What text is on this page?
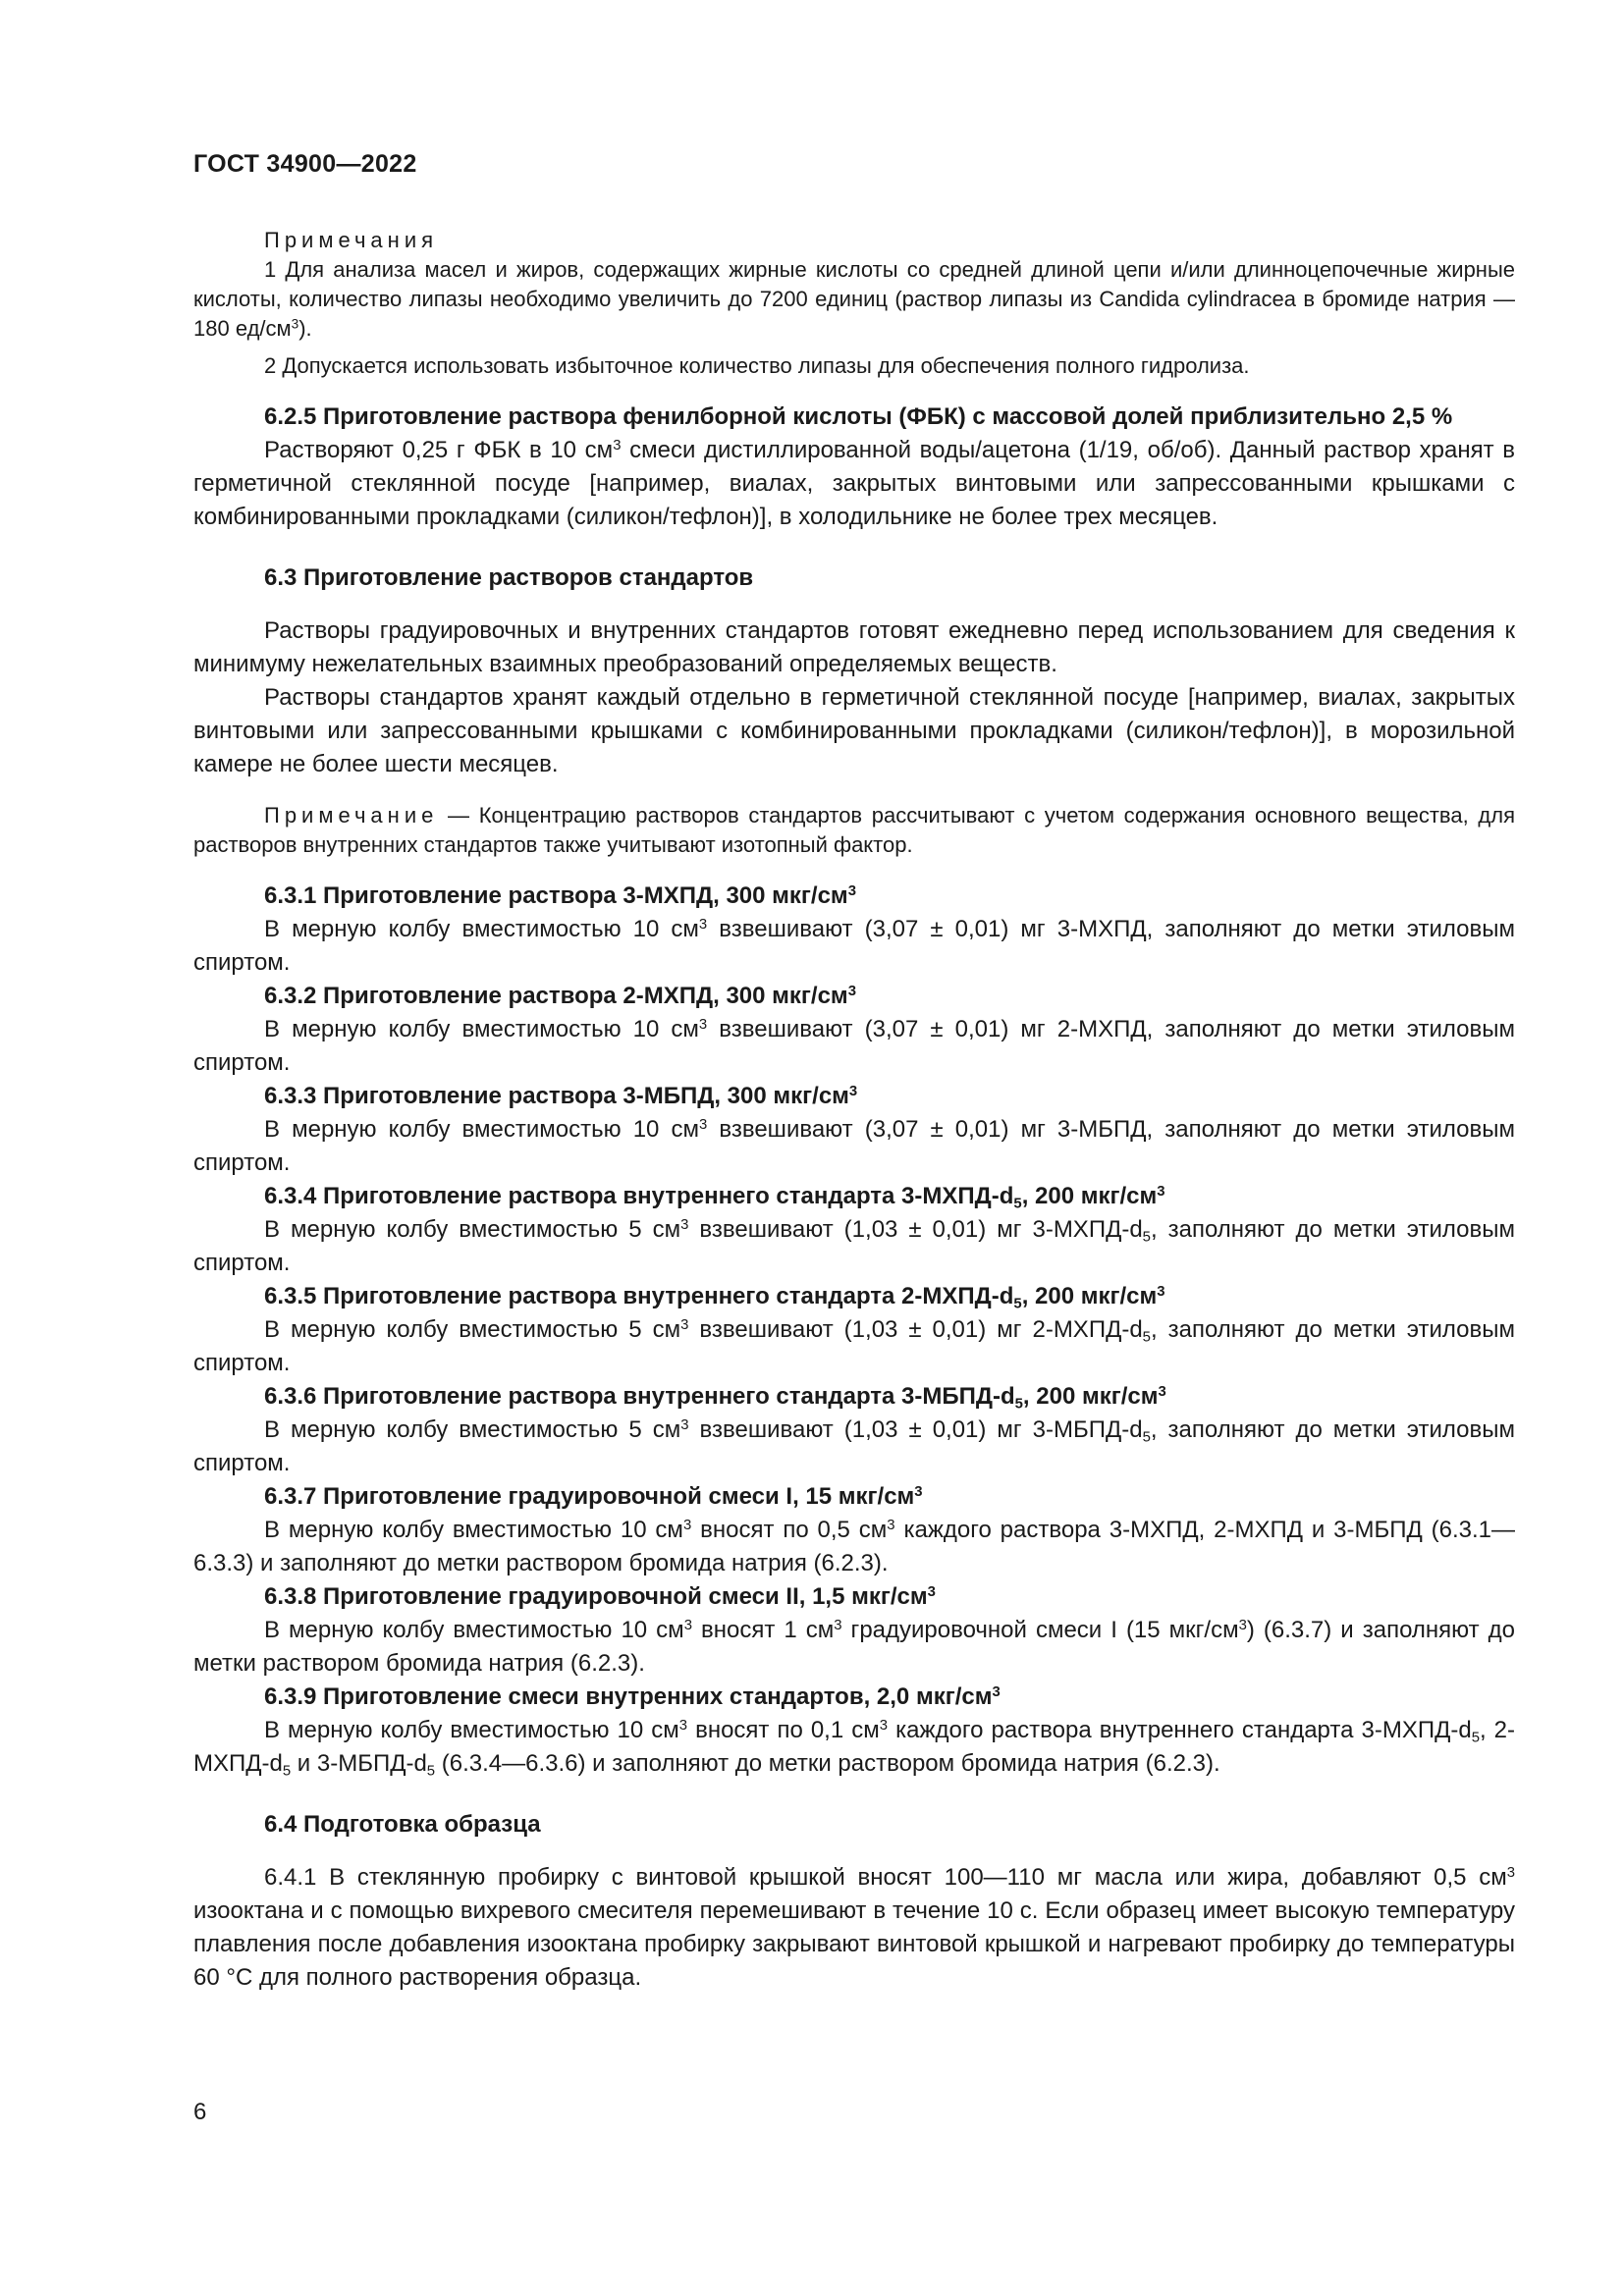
ГОСТ 34900—2022

Примечания

1 Для анализа масел и жиров, содержащих жирные кислоты со средней длиной цепи и/или длинноцепочечные жирные кислоты, количество липазы необходимо увеличить до 7200 единиц (раствор липазы из Candida cylindracea в бромиде натрия — 180 $ед/см^3$).

2 Допускается использовать избыточное количество липазы для обеспечения полного гидролиза.

6.2.5 Приготовление раствора фенилборной кислоты (ФБК) с массовой долей приблизительно 2,5 %

Растворяют 0,25 г ФБК в 10 $см^3$ смеси дистиллированной воды/ацетона (1/19, об/об). Данный раствор хранят в герметичной стеклянной посуде [например, виалах, закрытых винтовыми или запрессованными крышками с комбинированными прокладками (силикон/тефлон)], в холодильнике не более трех месяцев.

6.3 Приготовление растворов стандартов

Растворы градуировочных и внутренних стандартов готовят ежедневно перед использованием для сведения к минимуму нежелательных взаимных преобразований определяемых веществ.

Растворы стандартов хранят каждый отдельно в герметичной стеклянной посуде [например, виалах, закрытых винтовыми или запрессованными крышками с комбинированными прокладками (силикон/тефлон)], в морозильной камере не более шести месяцев.

Примечание — Концентрацию растворов стандартов рассчитывают с учетом содержания основного вещества, для растворов внутренних стандартов также учитывают изотопный фактор.

6.3.1 Приготовление раствора 3-МХПД, 300 мкг/$см^3$

В мерную колбу вместимостью 10 $см^3$ взвешивают (3,07 ± 0,01) мг 3-МХПД, заполняют до метки этиловым спиртом.

6.3.2 Приготовление раствора 2-МХПД, 300 мкг/$см^3$

В мерную колбу вместимостью 10 $см^3$ взвешивают (3,07 ± 0,01) мг 2-МХПД, заполняют до метки этиловым спиртом.

6.3.3 Приготовление раствора 3-МБПД, 300 мкг/$см^3$

В мерную колбу вместимостью 10 $см^3$ взвешивают (3,07 ± 0,01) мг 3-МБПД, заполняют до метки этиловым спиртом.

6.3.4 Приготовление раствора внутреннего стандарта $3-МХПД-d_5$, 200 мкг/$см^3$

В мерную колбу вместимостью 5 $см^3$ взвешивают (1,03 ± 0,01) мг $3-МХПД-d_5$, заполняют до метки этиловым спиртом.

6.3.5 Приготовление раствора внутреннего стандарта $2-МХПД-d_5$, 200 мкг/$см^3$

В мерную колбу вместимостью 5 $см^3$ взвешивают (1,03 ± 0,01) мг $2-МХПД-d_5$, заполняют до метки этиловым спиртом.

6.3.6 Приготовление раствора внутреннего стандарта $3-МБПД-d_5$, 200 мкг/$см^3$

В мерную колбу вместимостью 5 $см^3$ взвешивают (1,03 ± 0,01) мг $3-МБПД-d_5$, заполняют до метки этиловым спиртом.

6.3.7 Приготовление градуировочной смеси I, 15 мкг/$см^3$

В мерную колбу вместимостью 10 $см^3$ вносят по 0,5 $см^3$ каждого раствора 3-МХПД, 2-МХПД и 3-МБПД (6.3.1—6.3.3) и заполняют до метки раствором бромида натрия (6.2.3).

6.3.8 Приготовление градуировочной смеси II, 1,5 мкг/$см^3$

В мерную колбу вместимостью 10 $см^3$ вносят 1 $см^3$ градуировочной смеси I (15 мкг/$см^3$) (6.3.7) и заполняют до метки раствором бромида натрия (6.2.3).

6.3.9 Приготовление смеси внутренних стандартов, 2,0 мкг/$см^3$

В мерную колбу вместимостью 10 $см^3$ вносят по 0,1 $см^3$ каждого раствора внутреннего стандарта $3-МХПД-d_5$, $2-МХПД-d_5$ и $3-МБПД-d_5$ (6.3.4—6.3.6) и заполняют до метки раствором бромида натрия (6.2.3).

6.4 Подготовка образца

6.4.1 В стеклянную пробирку с винтовой крышкой вносят 100—110 мг масла или жира, добавляют 0,5 $см^3$ изооктана и с помощью вихревого смесителя перемешивают в течение 10 с. Если образец имеет высокую температуру плавления после добавления изооктана пробирку закрывают винтовой крышкой и нагревают пробирку до температуры 60 °С для полного растворения образца.

6
